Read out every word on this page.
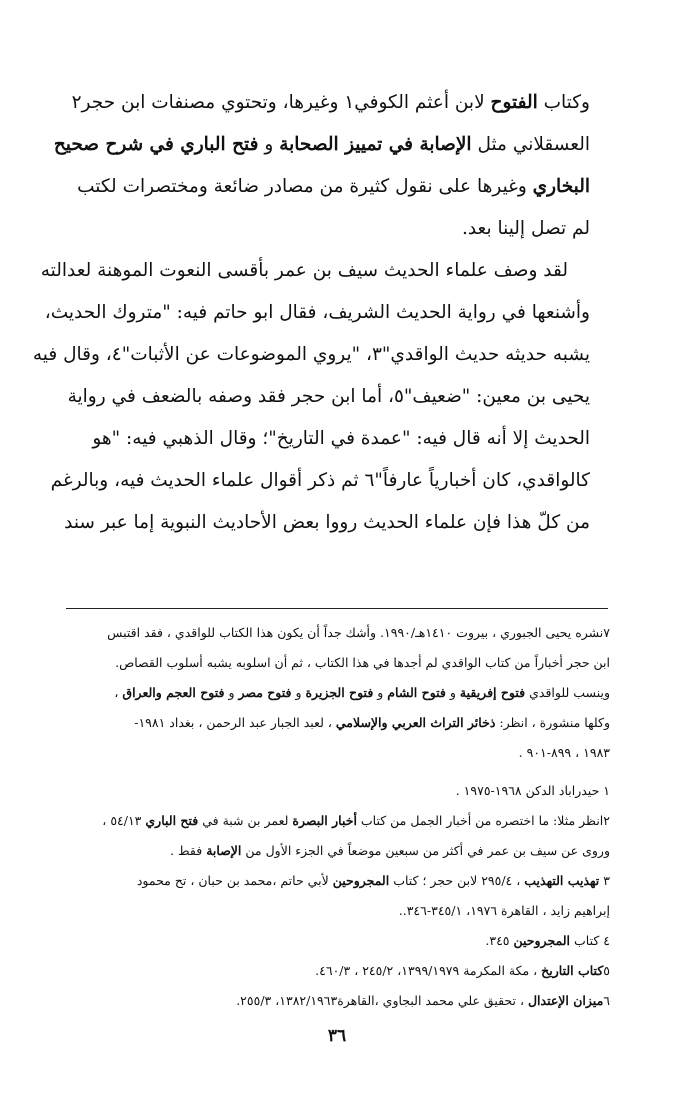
وكتاب الفتوح لابن أعثم الكوفي١ وغيرها، وتحتوي مصنفات ابن حجر٢
العسقلاني مثل الإصابة في تمييز الصحابة و فتح الباري في شرح صحيح
البخاري وغيرها على نقول كثيرة من مصادر ضائعة ومختصرات لكتب
لم تصل إلينا بعد.
لقد وصف علماء الحديث سيف بن عمر بأقسى النعوت الموهنة لعدالته
وأشنعها في رواية الحديث الشريف، فقال ابو حاتم فيه: "متروك الحديث،
يشبه حديثه حديث الواقدي"٣، "يروي الموضوعات عن الأثبات"٤، وقال فيه
يحيى بن معين: "ضعيف"٥، أما ابن حجر فقد وصفه بالضعف في رواية
الحديث إلا أنه قال فيه: "عمدة في التاريخ"؛ وقال الذهبي فيه: "هو
كالواقدي، كان أخبارياً عارفاً"٦ ثم ذكر أقوال علماء الحديث فيه، وبالرغم
من كلّ هذا فإن علماء الحديث رووا بعض الأحاديث النبوية إما عبر سند
٧نشره يحيى الجبوري ، بيروت ١٤١٠هـ/١٩٩٠. وأشك جداً أن يكون هذا الكتاب للواقدي ، فقد اقتبس
ابن حجر أخباراً من كتاب الواقدي لم أجدها في هذا الكتاب ، ثم أن اسلوبه يشبه أسلوب القصاص.
وينسب للواقدي فتوح إفريقية و فتوح الشام و فتوح الجزيرة و فتوح مصر و فتوح العجم والعراق ،
وكلها منشورة ، انظر: ذخائر التراث العربي والإسلامي ، لعبد الجبار عبد الرحمن ، بغداد ١٩٨١-
١٩٨٣ ، ٨٩٩-٩٠١ .
١ حيدراباد الدكن ١٩٦٨-١٩٧٥ .
٢انظر مثلا: ما اختصره من أخبار الجمل من كتاب أخبار البصرة لعمر بن شبة في فتح الباري ٥٤/١٣ ،
وروى عن سيف بن عمر في أكثر من سبعين موضعاً في الجزء الأول من الإصابة فقط .
٣ تهذيب التهذيب ، ٢٩٥/٤ لابن حجر ؛ كتاب المجروحين لأبي حاتم ،محمد بن حبان ، تح محمود
إبراهيم زايد ، القاهرة ١٩٧٦، ٣٤٥/١-٣٤٦..
٤ كتاب المجروحين ٣٤٥.
٥كتاب التاريخ ، مكة المكرمة ١٣٩٩/١٩٧٩، ٢٤٥/٢ ، ٤٦٠/٣.
٦ميزان الإعتدال ، تحقيق علي محمد البجاوي ،القاهرة١٣٨٢/١٩٦٣، ٢٥٥/٣.
٣٦
